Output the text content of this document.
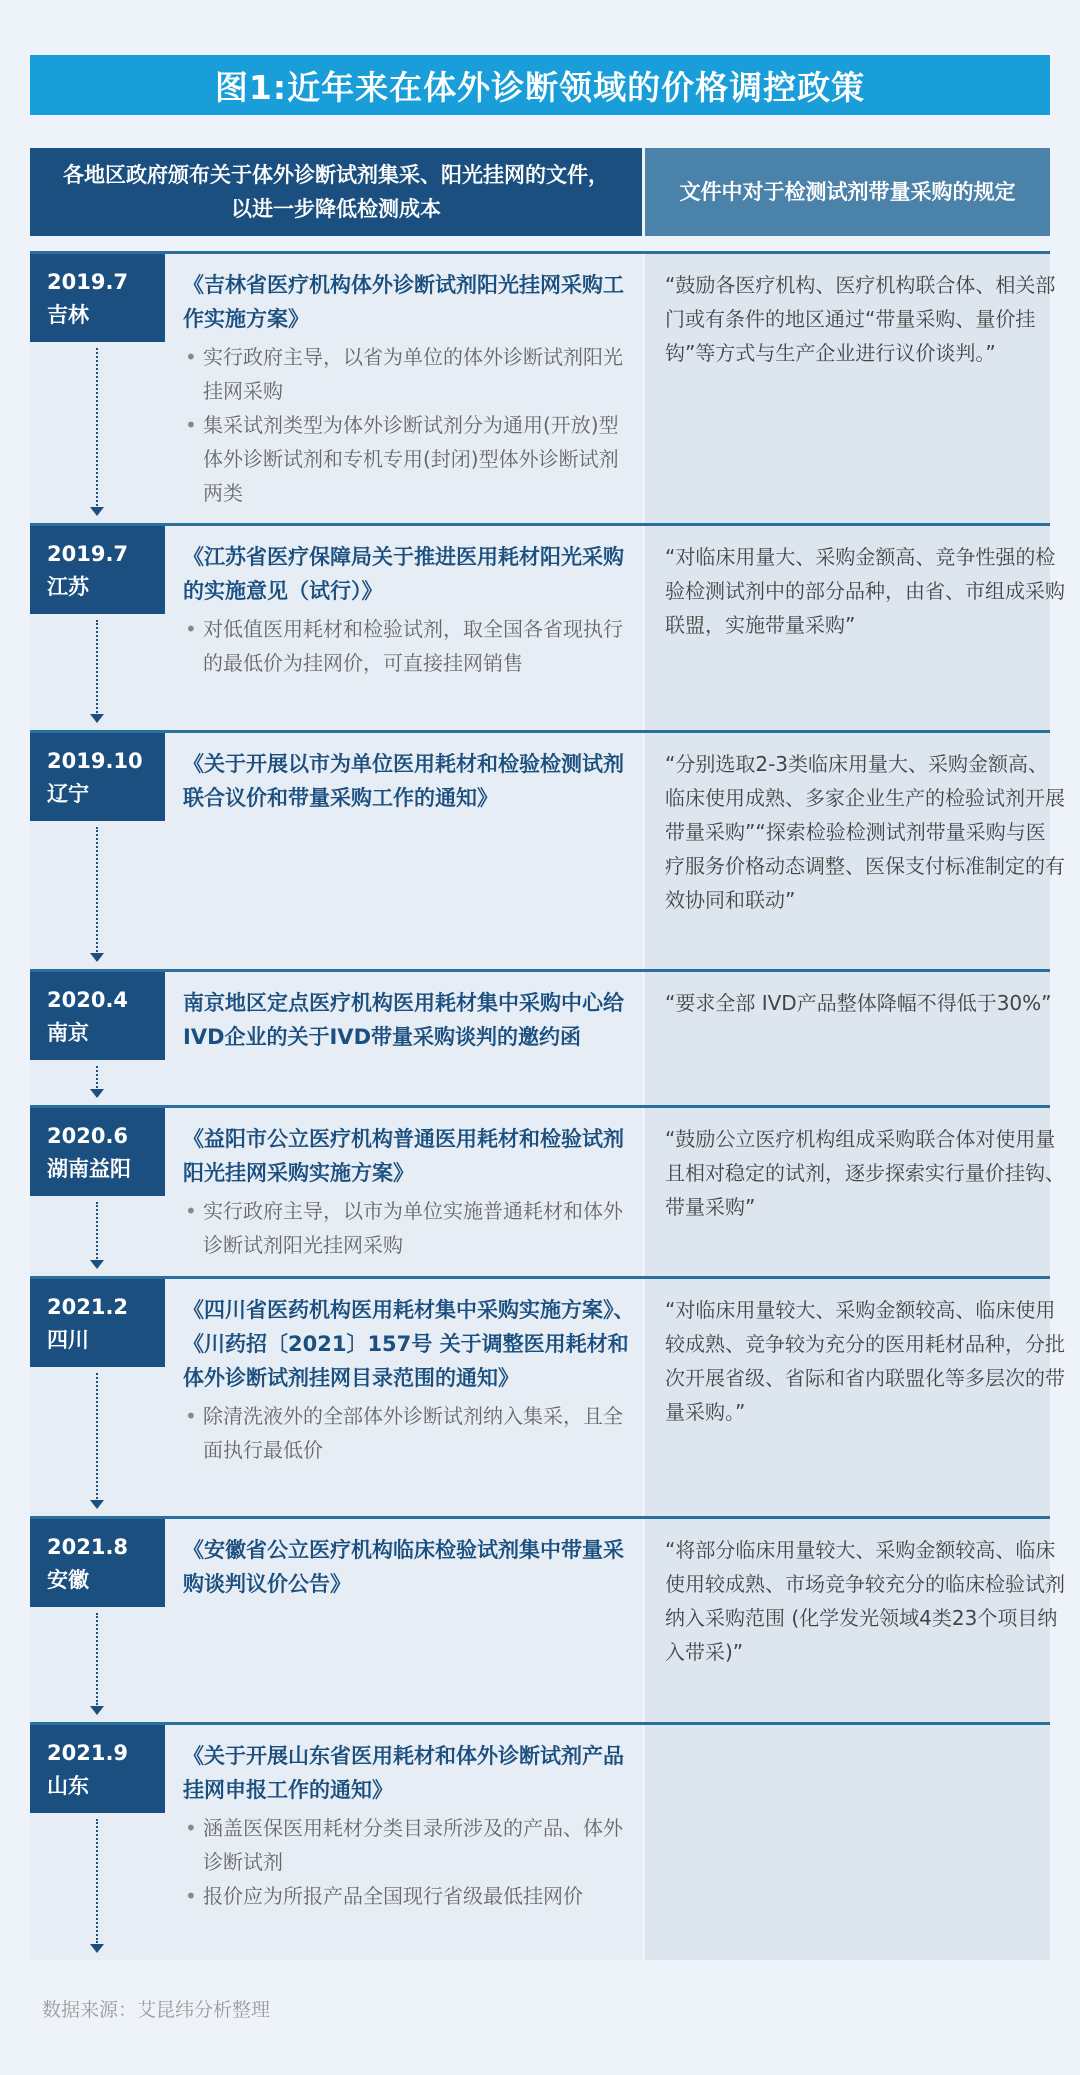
图1:近年来在体外诊断领域的价格调控政策
各地区政府颁布关于体外诊断试剂集采、阳光挂网的文件，以进一步降低检测成本
文件中对于检测试剂带量采购的规定
2019.7
吉林
《吉林省医疗机构体外诊断试剂阳光挂网采购工作实施方案》
• 实行政府主导，以省为单位的体外诊断试剂阳光挂网采购
• 集采试剂类型为体外诊断试剂分为通用(开放)型体外诊断试剂和专机专用(封闭)型体外诊断试剂两类
“鼓励各医疗机构、医疗机构联合体、相关部门或有条件的地区通过“带量采购、量价挂钩”等方式与生产企业进行议价谈判。”
2019.7
江苏
《江苏省医疗保障局关于推进医用耗材阳光采购的实施意见（试行）》
• 对低值医用耗材和检验试剂，取全国各省现执行的最低价为挂网价，可直接挂网销售
“对临床用量大、采购金额高、竞争性强的检验检测试剂中的部分品种，由省、市组成采购联盟，实施带量采购”
2019.10
辽宁
《关于开展以市为单位医用耗材和检验检测试剂联合议价和带量采购工作的通知》
“分别选取2-3类临床用量大、采购金额高、临床使用成熟、多家企业生产的检验试剂开展带量采购”“探索检验检测试剂带量采购与医疗服务价格动态调整、医保支付标准制定的有效协同和联动”
2020.4
南京
南京地区定点医疗机构医用耗材集中采购中心给IVD企业的关于IVD带量采购谈判的邀约函
“要求全部 IVD产品整体降幅不得低于30%”
2020.6
湖南益阳
《益阳市公立医疗机构普通医用耗材和检验试剂阳光挂网采购实施方案》
• 实行政府主导，以市为单位实施普通耗材和体外诊断试剂阳光挂网采购
“鼓励公立医疗机构组成采购联合体对使用量且相对稳定的试剂，逐步探索实行量价挂钩、带量采购”
2021.2
四川
《四川省医药机构医用耗材集中采购实施方案》、《川药招〔2021〕157号 关于调整医用耗材和体外诊断试剂挂网目录范围的通知》
• 除清洗液外的全部体外诊断试剂纳入集采，且全面执行最低价
“对临床用量较大、采购金额较高、临床使用较成熟、竞争较为充分的医用耗材品种，分批次开展省级、省际和省内联盟化等多层次的带量采购。”
2021.8
安徽
《安徽省公立医疗机构临床检验试剂集中带量采购谈判议价公告》
“将部分临床用量较大、采购金额较高、临床使用较成熟、市场竞争较充分的临床检验试剂纳入采购范围 (化学发光领域4类23个项目纳入带采)”
2021.9
山东
《关于开展山东省医用耗材和体外诊断试剂产品挂网申报工作的通知》
• 涵盖医保医用耗材分类目录所涉及的产品、体外诊断试剂
• 报价应为所报产品全国现行省级最低挂网价
数据来源：艾昆纬分析整理
